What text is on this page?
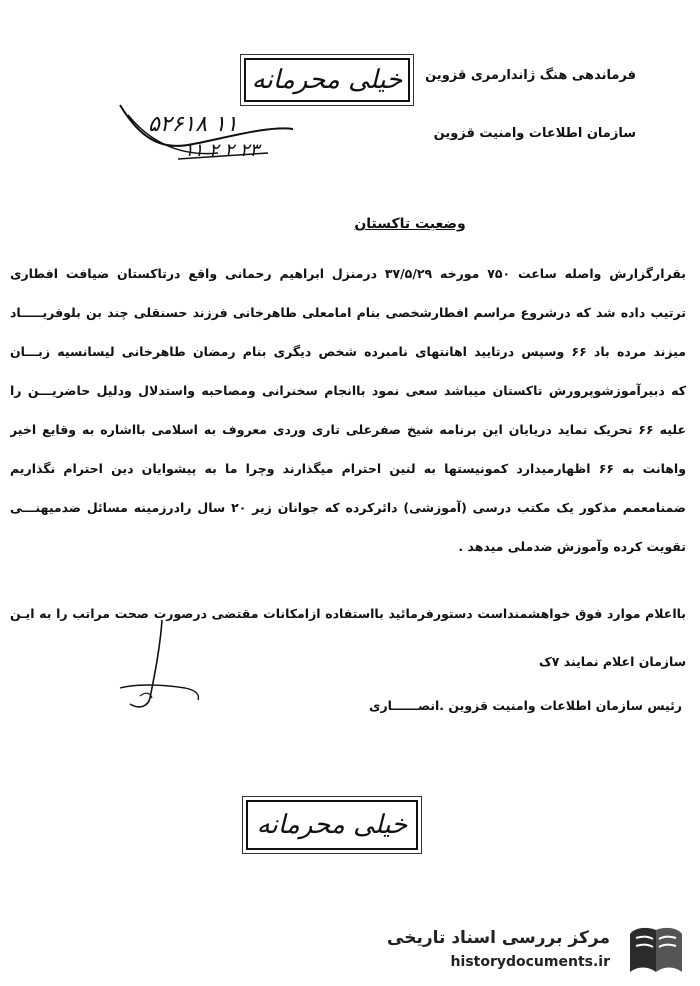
خیلی محرمانه	فرماندهی هنگ ژاندارمری قزوین
سازمان اطلاعات وامنیت قزوین
۵۲۶۱۸ ۱۱
۱۱ ۲ ۲ ۲۳
وضعیت تاکستان
بقرارگزارش واصله ساعت ۷۵۰ مورخه ۳۷/۵/۲۹ درمنزل ابراهیم رحمانی واقع درتاکستان ضیافت افطاری
ترتیب داده شد که درشروع مراسم افطارشخصی بنام امامعلی طاهرخانی فرزند حسنقلی چند بن بلوفریـــــاد
میزند مرده باد ۶۶ وسپس درتایید اهانتهای نامبرده شخص دیگری بنام رمضان طاهرخانی لیسانسیه زبـــان
که دبیرآموزشوپرورش تاکستان میباشد سعی نمود باانجام سخنرانی ومصاحبه واستدلال ودلیل حاضریـــن را
علیه ۶۶ تحریک نماید دریایان این برنامه شیخ صفرعلی تاری وردی معروف به اسلامی بااشاره به وقایع اخیر
واهانت به ۶۶ اظهارمیدارد کمونیستها به لنین احترام میگذارند وچرا ما به پیشوایان دین احترام نگذاریم
ضمنامعمم مذکور یک مکتب درسی (آموزشی) دائرکرده که جوانان زیر ۲۰ سال رادرزمینه مسائل ضدمیهنـــی
تقویت کرده وآموزش ضدملی میدهد .
بااعلام موارد فوق خواهشمنداست دستورفرمائید بااستفاده ازامکانات مقتضی درصورت صحت مراتب را به ایـن
سازمان اعلام نمایند ۷ک
رئیس سازمان اطلاعات وامنیت قزوین .انصــــــاری
خیلی محرمانه
مرکز بررسی اسناد تاریخی
historydocuments.ir
